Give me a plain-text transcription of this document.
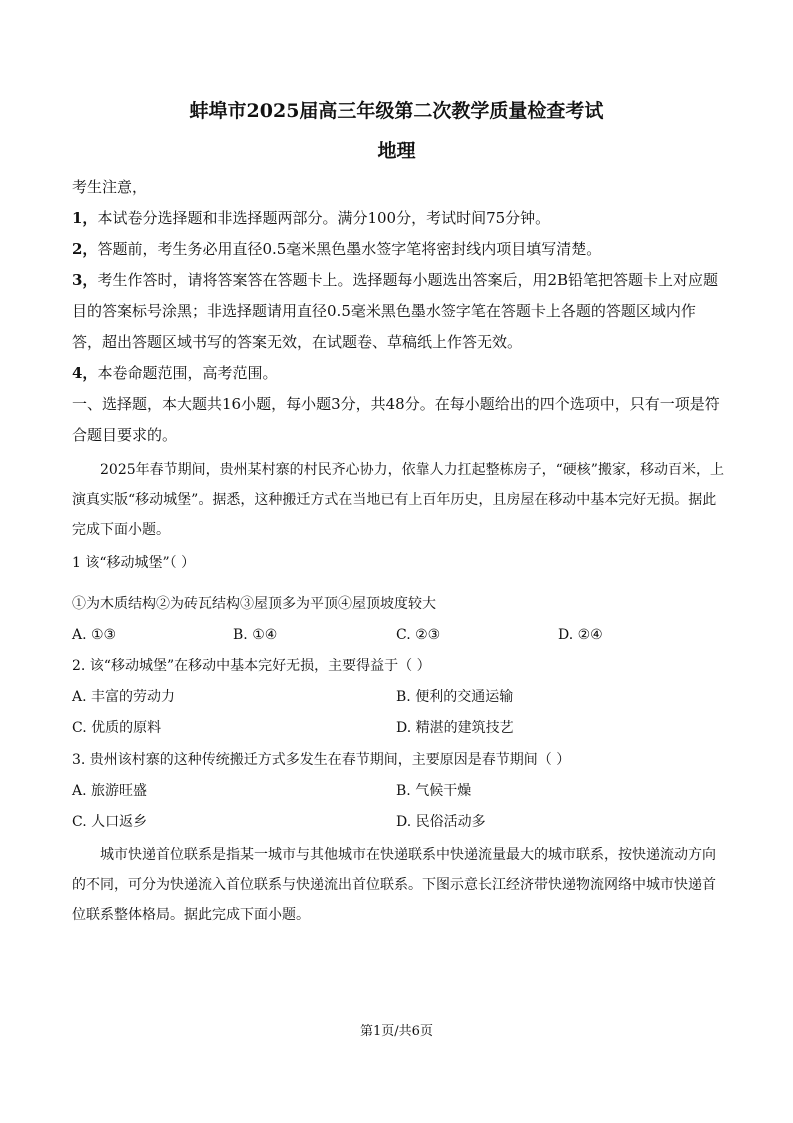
蚌埠市2025届高三年级第二次教学质量检查考试
地理

考生注意，

1，本试卷分选择题和非选择题两部分。满分100分，考试时间75分钟。

2，答题前，考生务必用直径0.5毫米黑色墨水签字笔将密封线内项目填写清楚。

3，考生作答时，请将答案答在答题卡上。选择题每小题选出答案后，用2B铅笔把答题卡上对应题目的答案标号涂黑；非选择题请用直径0.5毫米黑色墨水签字笔在答题卡上各题的答题区域内作答，超出答题区域书写的答案无效，在试题卷、草稿纸上作答无效。

4，本卷命题范围，高考范围。

一、选择题，本大题共16小题，每小题3分，共48分。在每小题给出的四个选项中，只有一项是符合题目要求的。

2025年春节期间，贵州某村寨的村民齐心协力，依靠人力扛起整栋房子，“硬核”搬家，移动百米，上演真实版“移动城堡”。据悉，这种搬迁方式在当地已有上百年历史，且房屋在移动中基本完好无损。据此完成下面小题。

1 该“移动城堡”（ ）

①为木质结构②为砖瓦结构③屋顶多为平顶④屋顶坡度较大

A. ①③	B. ①④	C. ②③	D. ②④

2. 该“移动城堡”在移动中基本完好无损，主要得益于（ ）

A. 丰富的劳动力	B. 便利的交通运输
C. 优质的原料	D. 精湛的建筑技艺

3. 贵州该村寨的这种传统搬迁方式多发生在春节期间，主要原因是春节期间（ ）

A. 旅游旺盛	B. 气候干燥
C. 人口返乡	D. 民俗活动多

城市快递首位联系是指某一城市与其他城市在快递联系中快递流量最大的城市联系，按快递流动方向的不同，可分为快递流入首位联系与快递流出首位联系。下图示意长江经济带快递物流网络中城市快递首位联系整体格局。据此完成下面小题。

第1页/共6页
